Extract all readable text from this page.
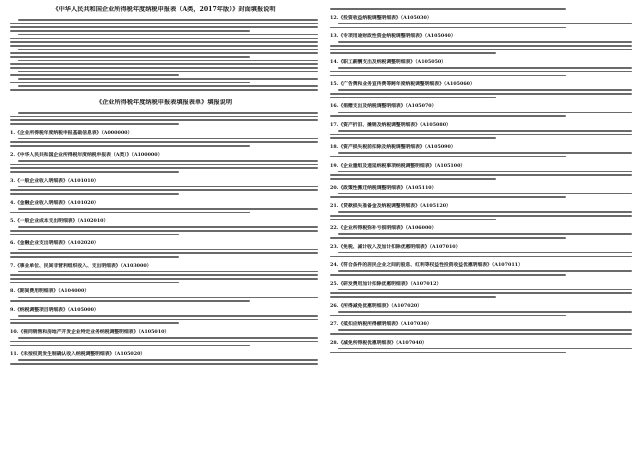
《中华人民共和国企业所得税年度纳税申报表（A类，2017年版）》封面填报说明
《企业所得税年度纳税申报表填报表单》填报说明
1.《企业所得税年度纳税申报基础信息表》（A000000）
2.《中华人民共和国企业所得税年度纳税申报表（A类）》（A100000）
3.《一般企业收入明细表》（A101010）
4.《金融企业收入明细表》（A101020）
5.《一般企业成本支出明细表》（A102010）
6.《金融企业支出明细表》（A102020）
7.《事业单位、民间非营利组织收入、支出明细表》（A103000）
8.《期间费用明细表》（A104000）
9.《纳税调整项目明细表》（A105000）
10.《视同销售和房地产开发企业特定业务纳税调整明细表》（A105010）
11.《未按权责发生制确认收入纳税调整明细表》（A105020）
12.《投资收益纳税调整明细表》（A105030）
13.《专项用途财政性资金纳税调整明细表》（A105040）
14.《职工薪酬支出及纳税调整明细表》（A105050）
15.《广告费和业务宣传费等跨年度纳税调整明细表》（A105060）
16.《捐赠支出及纳税调整明细表》（A105070）
17.《资产折旧、摊销及纳税调整明细表》（A105080）
18.《资产损失税前扣除及纳税调整明细表》（A105090）
19.《企业重组及递延纳税事项纳税调整明细表》（A105100）
20.《政策性搬迁纳税调整明细表》（A105110）
21.《贷款损失准备金及纳税调整明细表》（A105120）
22.《企业所得税弥补亏损明细表》（A106000）
23.《免税、减计收入及加计扣除优惠明细表》（A107010）
24.《符合条件的居民企业之间的股息、红利等权益性投资收益优惠明细表》（A107011）
25.《研发费用加计扣除优惠明细表》（A107012）
26.《所得减免优惠明细表》（A107020）
27.《抵扣应纳税所得额明细表》（A107030）
28.《减免所得税优惠明细表》（A107040）
